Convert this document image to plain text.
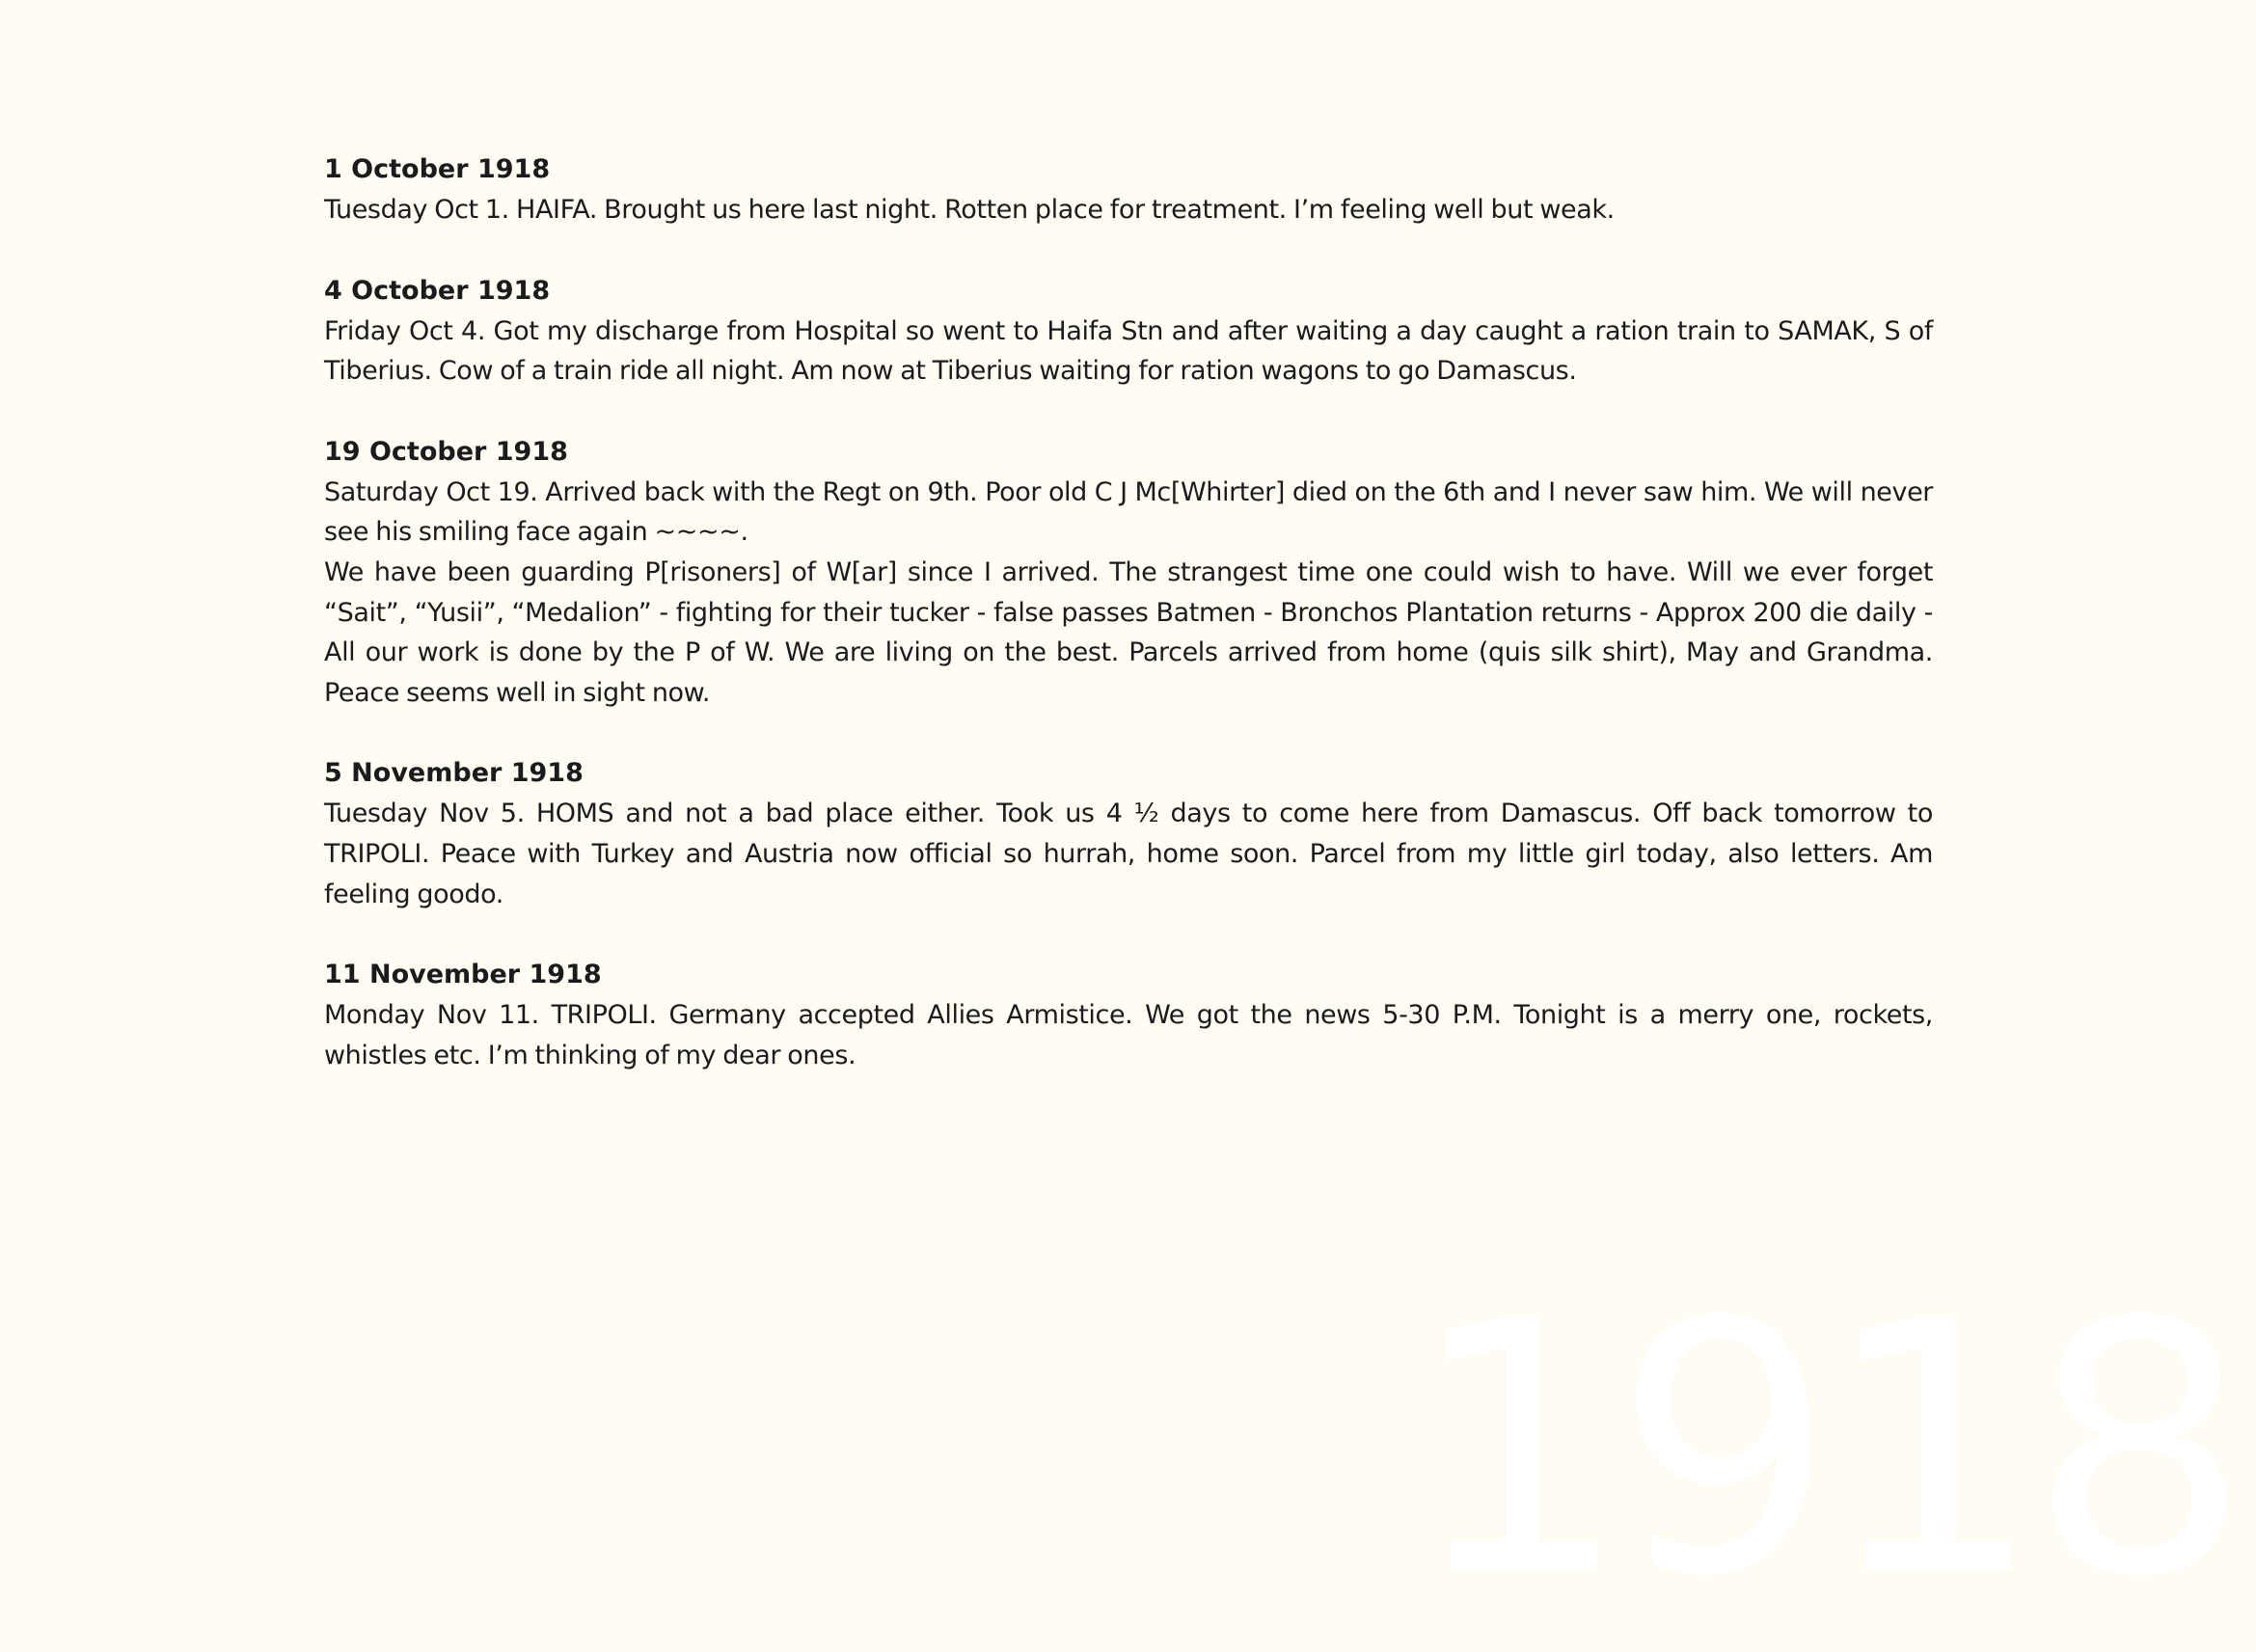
1 October 1918

Tuesday Oct 1. HAIFA. Brought us here last night. Rotten place for treatment. I’m feeling well but weak.

4 October 1918

Friday Oct 4. Got my discharge from Hospital so went to Haifa Stn and after waiting a day caught a ration train to SAMAK, S of Tiberius. Cow of a train ride all night. Am now at Tiberius waiting for ration wagons to go Damascus.

19 October 1918

Saturday Oct 19. Arrived back with the Regt on 9th. Poor old C J Mc[Whirter] died on the 6th and I never saw him. We will never see his smiling face again ~~~~.

We have been guarding P[risoners] of W[ar] since I arrived. The strangest time one could wish to have. Will we ever forget “Sait”, “Yusii”, “Medalion” - fighting for their tucker - false passes Batmen - Bronchos Plantation returns - Approx 200 die daily - All our work is done by the P of W. We are living on the best. Parcels arrived from home (quis silk shirt), May and Grandma. Peace seems well in sight now.

5 November 1918

Tuesday Nov 5. HOMS and not a bad place either. Took us 4 ½ days to come here from Damascus. Off back tomorrow to TRIPOLI. Peace with Turkey and Austria now official so hurrah, home soon. Parcel from my little girl today, also letters. Am feeling goodo.

11 November 1918

Monday Nov 11. TRIPOLI. Germany accepted Allies Armistice. We got the news 5-30 P.M. Tonight is a merry one, rockets, whistles etc. I’m thinking of my dear ones.

1918
